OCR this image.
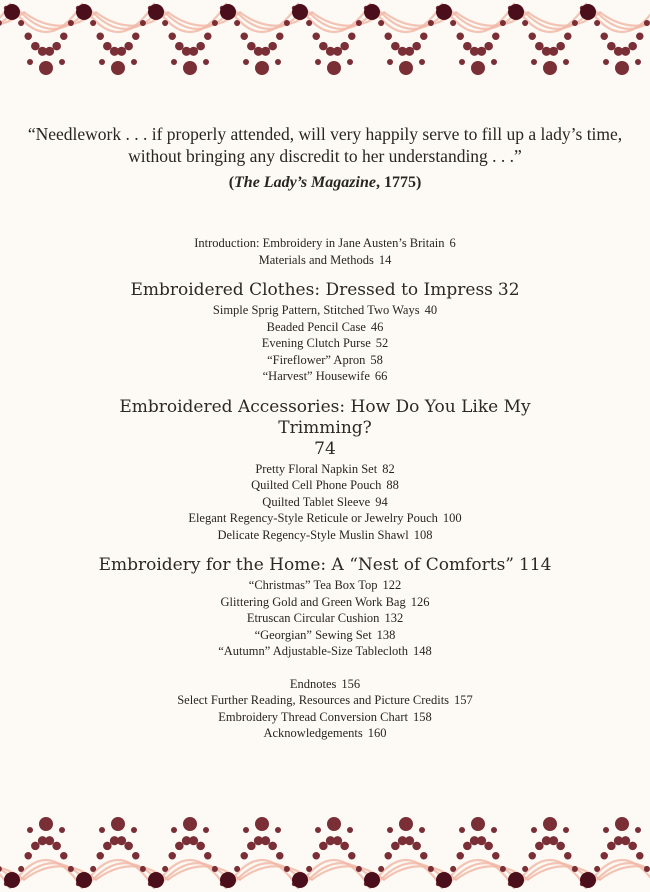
“Needlework . . . if properly attended, will very happily serve to fill up a lady’s time, without bringing any discredit to her understanding . . .”
(The Lady’s Magazine, 1775)
Introduction: Embroidery in Jane Austen’s Britain 6
Materials and Methods 14
Embroidered Clothes: Dressed to Impress 32
Simple Sprig Pattern, Stitched Two Ways 40
Beaded Pencil Case 46
Evening Clutch Purse 52
“Fireflower” Apron 58
“Harvest” Housewife 66
Embroidered Accessories: How Do You Like My Trimming?
74
Pretty Floral Napkin Set 82
Quilted Cell Phone Pouch 88
Quilted Tablet Sleeve 94
Elegant Regency-Style Reticule or Jewelry Pouch 100
Delicate Regency-Style Muslin Shawl 108
Embroidery for the Home: A “Nest of Comforts” 114
“Christmas” Tea Box Top 122
Glittering Gold and Green Work Bag 126
Etruscan Circular Cushion 132
“Georgian” Sewing Set 138
“Autumn” Adjustable-Size Tablecloth 148
Endnotes 156
Select Further Reading, Resources and Picture Credits 157
Embroidery Thread Conversion Chart 158
Acknowledgements 160
